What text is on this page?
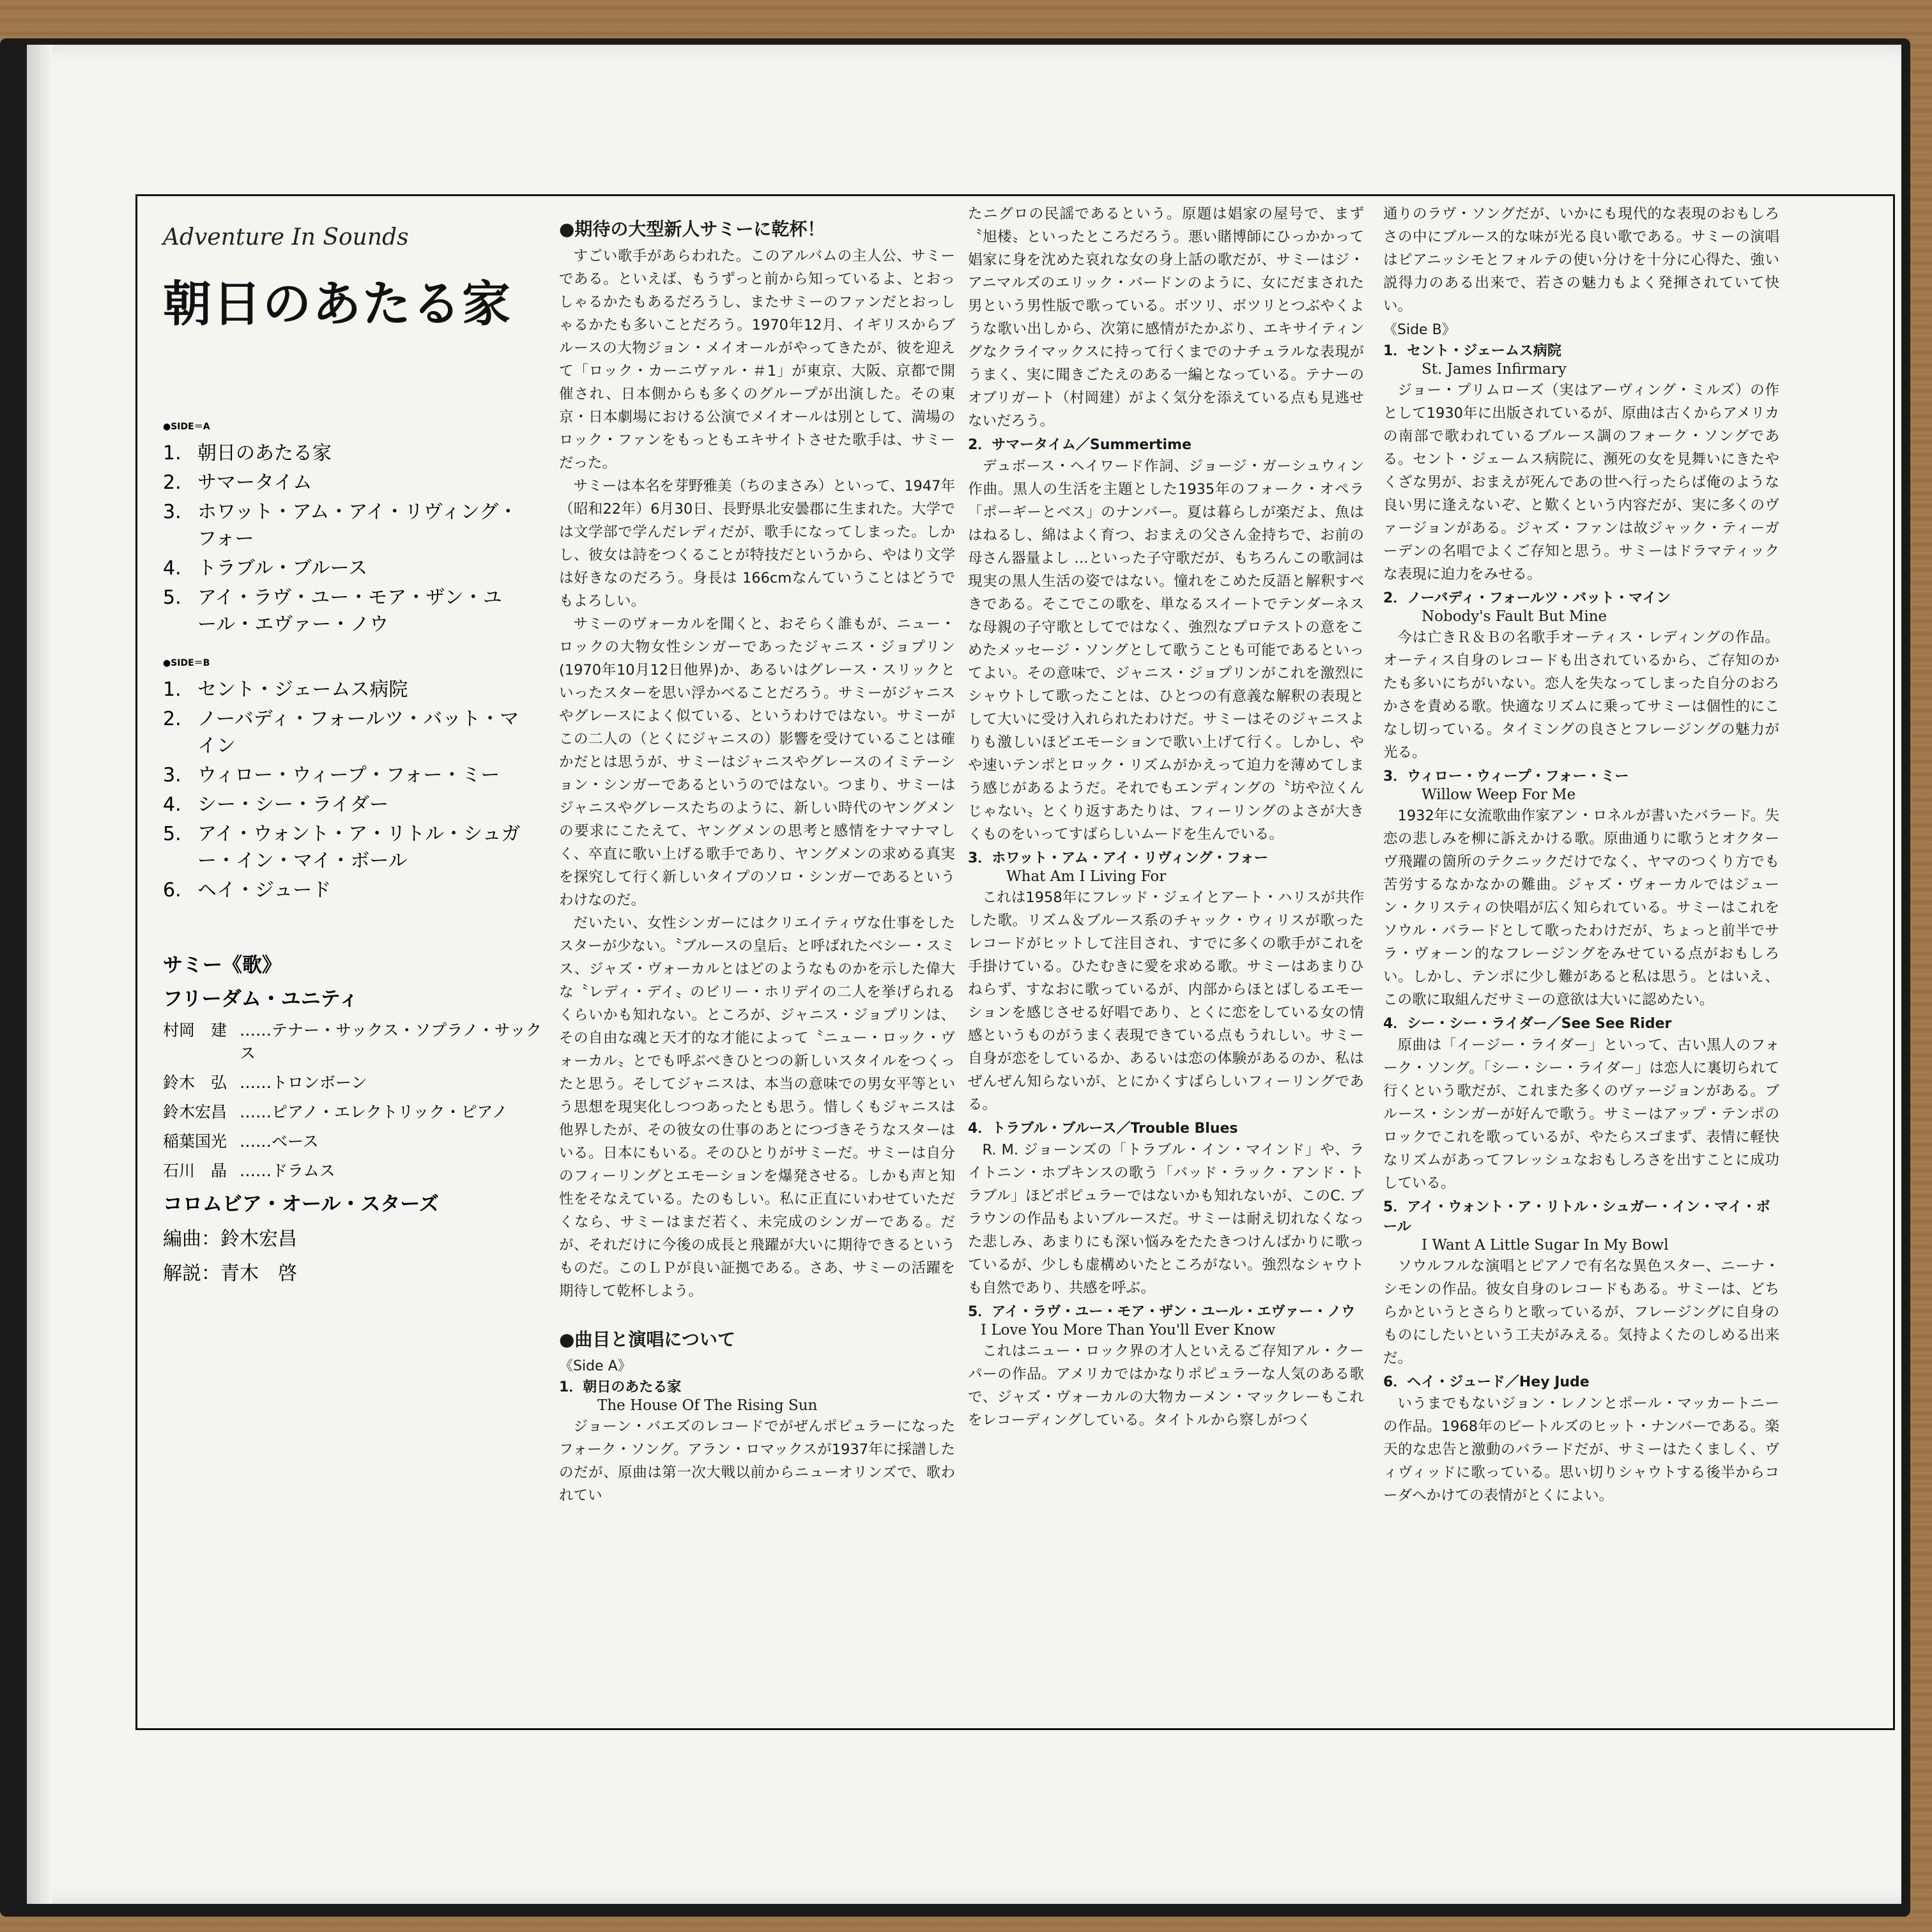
Adventure In Sounds
朝日のあたる家

●SIDE＝A

1. 朝日のあたる家
2. サマータイム
3. ホワット・アム・アイ・リヴィング・フォー
4. トラブル・ブルース
5. アイ・ラヴ・ユー・モア・ザン・ユール・エヴァー・ノウ

●SIDE＝B

1. セント・ジェームス病院
2. ノーバディ・フォールツ・バット・マイン
3. ウィロー・ウィープ・フォー・ミー
4. シー・シー・ライダー
5. アイ・ウォント・ア・リトル・シュガー・イン・マイ・ボール
6. ヘイ・ジュード

サミー《歌》

フリーダム・ユニティ

村岡　建 ……テナー・サックス・ソプラノ・サックス
鈴木　弘 ……トロンボーン
鈴木宏昌 ……ピアノ・エレクトリック・ピアノ
稲葉国光 ……ベース
石川　晶 ……ドラムス

コロムビア・オール・スターズ

編曲：鈴木宏昌

解説：青木　啓

●期待の大型新人サミーに乾杯！

すごい歌手があらわれた。このアルバムの主人公、サミーである。といえば、もうずっと前から知っているよ、とおっしゃるかたもあるだろうし、またサミーのファンだとおっしゃるかたも多いことだろう。1970年12月、イギリスからブルースの大物ジョン・メイオールがやってきたが、彼を迎えて「ロック・カーニヴァル・＃1」が東京、大阪、京都で開催され、日本側からも多くのグループが出演した。その東京・日本劇場における公演でメイオールは別として、満場のロック・ファンをもっともエキサイトさせた歌手は、サミーだった。

サミーは本名を芽野雅美（ちのまさみ）といって、1947年（昭和22年）6月30日、長野県北安曇郡に生まれた。大学では文学部で学んだレディだが、歌手になってしまった。しかし、彼女は詩をつくることが特技だというから、やはり文学は好きなのだろう。身長は 166cmなんていうことはどうでもよろしい。

サミーのヴォーカルを聞くと、おそらく誰もが、ニュー・ロックの大物女性シンガーであったジャニス・ジョプリン(1970年10月12日他界)か、あるいはグレース・スリックといったスターを思い浮かべることだろう。サミーがジャニスやグレースによく似ている、というわけではない。サミーがこの二人の（とくにジャニスの）影響を受けていることは確かだとは思うが、サミーはジャニスやグレースのイミテーション・シンガーであるというのではない。つまり、サミーはジャニスやグレースたちのように、新しい時代のヤングメンの要求にこたえて、ヤングメンの思考と感情をナマナマしく、卒直に歌い上げる歌手であり、ヤングメンの求める真実を探究して行く新しいタイプのソロ・シンガーであるというわけなのだ。

だいたい、女性シンガーにはクリエイティヴな仕事をしたスターが少ない。〝ブルースの皇后〟と呼ばれたベシー・スミス、ジャズ・ヴォーカルとはどのようなものかを示した偉大な〝レディ・デイ〟のビリー・ホリデイの二人を挙げられるくらいかも知れない。ところが、ジャニス・ジョプリンは、その自由な魂と天才的な才能によって〝ニュー・ロック・ヴォーカル〟とでも呼ぶべきひとつの新しいスタイルをつくったと思う。そしてジャニスは、本当の意味での男女平等という思想を現実化しつつあったとも思う。惜しくもジャニスは他界したが、その彼女の仕事のあとにつづきそうなスターはいる。日本にもいる。そのひとりがサミーだ。サミーは自分のフィーリングとエモーションを爆発させる。しかも声と知性をそなえている。たのもしい。私に正直にいわせていただくなら、サミーはまだ若く、未完成のシンガーである。だが、それだけに今後の成長と飛躍が大いに期待できるというものだ。このＬＰが良い証拠である。さあ、サミーの活躍を期待して乾杯しよう。

●曲目と演唱について

《Side A》

1．朝日のあたる家

The House Of The Rising Sun

ジョーン・バエズのレコードでがぜんポピュラーになったフォーク・ソング。アラン・ロマックスが1937年に採譜したのだが、原曲は第一次大戦以前からニューオリンズで、歌われてい

たニグロの民謡であるという。原題は娼家の屋号で、まず〝旭楼〟といったところだろう。悪い賭博師にひっかかって娼家に身を沈めた哀れな女の身上話の歌だが、サミーはジ・アニマルズのエリック・バードンのように、女にだまされた男という男性版で歌っている。ボツリ、ボツリとつぶやくような歌い出しから、次第に感情がたかぶり、エキサイティングなクライマックスに持って行くまでのナチュラルな表現がうまく、実に聞きごたえのある一編となっている。テナーのオブリガート（村岡建）がよく気分を添えている点も見逃せないだろう。

2．サマータイム／Summertime

デュボース・ヘイワード作詞、ジョージ・ガーシュウィン作曲。黒人の生活を主題とした1935年のフォーク・オペラ「ポーギーとベス」のナンバー。夏は暮らしが楽だよ、魚ははねるし、綿はよく育つ、おまえの父さん金持ちで、お前の母さん器量よし …といった子守歌だが、もちろんこの歌詞は現実の黒人生活の姿ではない。憧れをこめた反語と解釈すべきである。そこでこの歌を、単なるスイートでテンダーネスな母親の子守歌としてではなく、強烈なプロテストの意をこめたメッセージ・ソングとして歌うことも可能であるといってよい。その意味で、ジャニス・ジョプリンがこれを激烈にシャウトして歌ったことは、ひとつの有意義な解釈の表現として大いに受け入れられたわけだ。サミーはそのジャニスよりも激しいほどエモーションで歌い上げて行く。しかし、やや速いテンポとロック・リズムがかえって迫力を薄めてしまう感じがあるようだ。それでもエンディングの〝坊や泣くんじゃない〟とくり返すあたりは、フィーリングのよさが大きくものをいってすばらしいムードを生んでいる。

3．ホワット・アム・アイ・リヴィング・フォー

What Am I Living For

これは1958年にフレッド・ジェイとアート・ハリスが共作した歌。リズム＆ブルース系のチャック・ウィリスが歌ったレコードがヒットして注目され、すでに多くの歌手がこれを手掛けている。ひたむきに愛を求める歌。サミーはあまりひねらず、すなおに歌っているが、内部からほとばしるエモーションを感じさせる好唱であり、とくに恋をしている女の情感というものがうまく表現できている点もうれしい。サミー自身が恋をしているか、あるいは恋の体験があるのか、私はぜんぜん知らないが、とにかくすばらしいフィーリングである。

4．トラブル・ブルース／Trouble Blues

R. M. ジョーンズの「トラブル・イン・マインド」や、ライトニン・ホプキンスの歌う「バッド・ラック・アンド・トラブル」ほどポピュラーではないかも知れないが、このC. ブラウンの作品もよいブルースだ。サミーは耐え切れなくなった悲しみ、あまりにも深い悩みをたたきつけんばかりに歌っているが、少しも虚構めいたところがない。強烈なシャウトも自然であり、共感を呼ぶ。

5．アイ・ラヴ・ユー・モア・ザン・ユール・エヴァー・ノウ

I Love You More Than You'll Ever Know

これはニュー・ロック界の才人といえるご存知アル・クーパーの作品。アメリカではかなりポピュラーな人気のある歌で、ジャズ・ヴォーカルの大物カーメン・マックレーもこれをレコーディングしている。タイトルから察しがつく

通りのラヴ・ソングだが、いかにも現代的な表現のおもしろさの中にブルース的な味が光る良い歌である。サミーの演唱はピアニッシモとフォルテの使い分けを十分に心得た、強い説得力のある出来で、若さの魅力もよく発揮されていて快い。

《Side B》

1．セント・ジェームス病院

St. James Infirmary

ジョー・プリムローズ（実はアーヴィング・ミルズ）の作として1930年に出版されているが、原曲は古くからアメリカの南部で歌われているブルース調のフォーク・ソングである。セント・ジェームス病院に、瀕死の女を見舞いにきたやくざな男が、おまえが死んであの世へ行ったらば俺のような良い男に逢えないぞ、と歎くという内容だが、実に多くのヴァージョンがある。ジャズ・ファンは故ジャック・ティーガーデンの名唱でよくご存知と思う。サミーはドラマティックな表現に迫力をみせる。

2．ノーバディ・フォールツ・バット・マイン

Nobody's Fault But Mine

今は亡きＲ＆Ｂの名歌手オーティス・レディングの作品。オーティス自身のレコードも出されているから、ご存知のかたも多いにちがいない。恋人を失なってしまった自分のおろかさを責める歌。快適なリズムに乗ってサミーは個性的にこなし切っている。タイミングの良さとフレージングの魅力が光る。

3．ウィロー・ウィープ・フォー・ミー

Willow Weep For Me

1932年に女流歌曲作家アン・ロネルが書いたバラード。失恋の悲しみを柳に訴えかける歌。原曲通りに歌うとオクターヴ飛躍の箇所のテクニックだけでなく、ヤマのつくり方でも苦労するなかなかの難曲。ジャズ・ヴォーカルではジューン・クリスティの快唱が広く知られている。サミーはこれをソウル・バラードとして歌ったわけだが、ちょっと前半でサラ・ヴォーン的なフレージングをみせている点がおもしろい。しかし、テンポに少し難があると私は思う。とはいえ、この歌に取組んだサミーの意欲は大いに認めたい。

4．シー・シー・ライダー／See See Rider

原曲は「イージー・ライダー」といって、古い黒人のフォーク・ソング。「シー・シー・ライダー」は恋人に裏切られて行くという歌だが、これまた多くのヴァージョンがある。ブルース・シンガーが好んで歌う。サミーはアップ・テンポのロックでこれを歌っているが、やたらスゴまず、表情に軽快なリズムがあってフレッシュなおもしろさを出すことに成功している。

5．アイ・ウォント・ア・リトル・シュガー・イン・マイ・ボール

I Want A Little Sugar In My Bowl

ソウルフルな演唱とピアノで有名な異色スター、ニーナ・シモンの作品。彼女自身のレコードもある。サミーは、どちらかというとさらりと歌っているが、フレージングに自身のものにしたいという工夫がみえる。気持よくたのしめる出来だ。

6．ヘイ・ジュード／Hey Jude

いうまでもないジョン・レノンとポール・マッカートニーの作品。1968年のビートルズのヒット・ナンバーである。楽天的な忠告と激動のバラードだが、サミーはたくましく、ヴィヴィッドに歌っている。思い切りシャウトする後半からコーダへかけての表情がとくによい。
